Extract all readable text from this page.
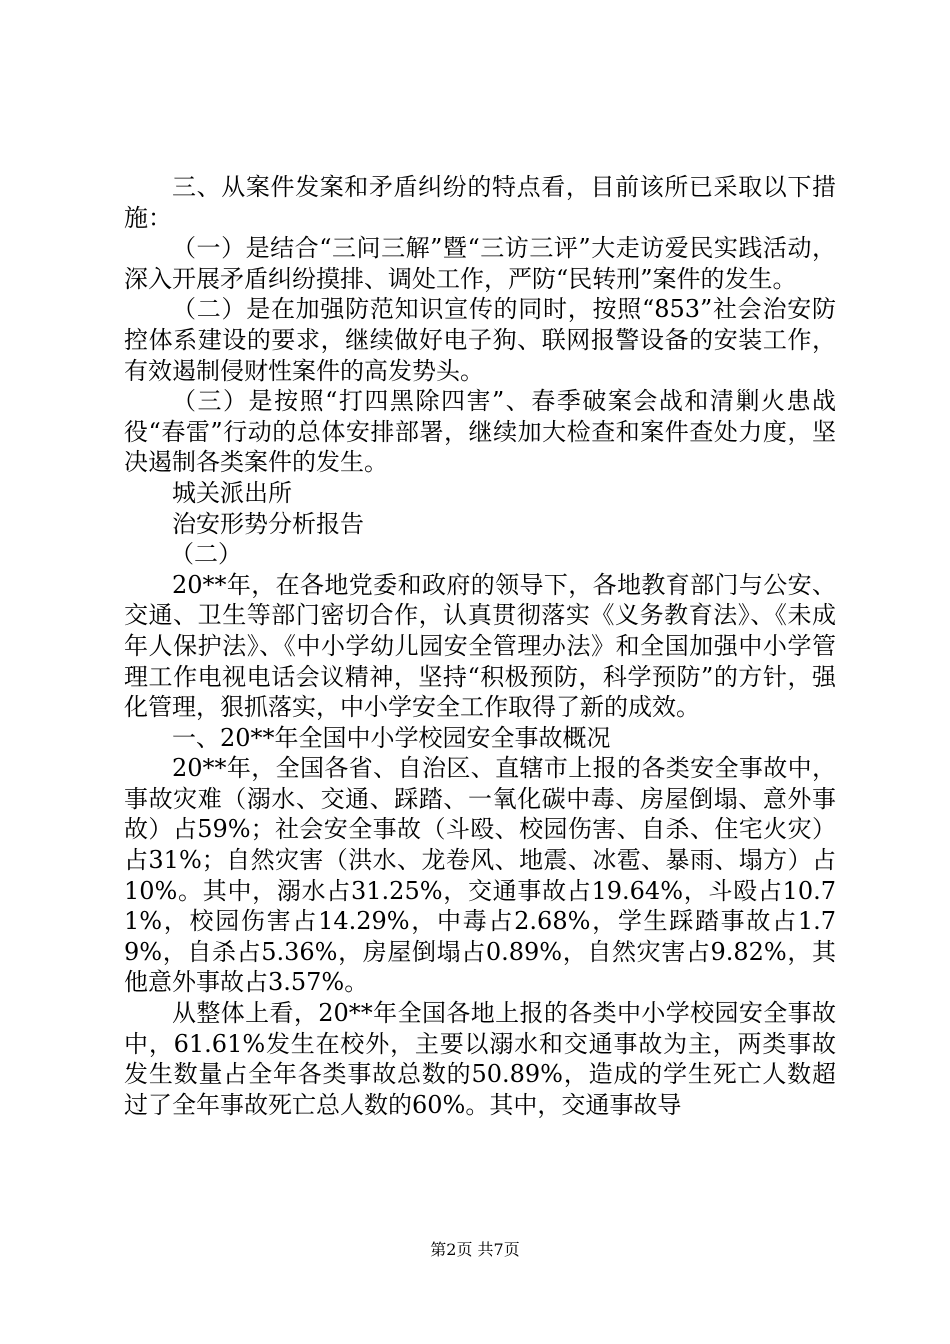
三、从案件发案和矛盾纠纷的特点看，目前该所已采取以下措施：

（一）是结合“三问三解”暨“三访三评”大走访爱民实践活动，深入开展矛盾纠纷摸排、调处工作，严防“民转刑”案件的发生。

（二）是在加强防范知识宣传的同时，按照“853”社会治安防控体系建设的要求，继续做好电子狗、联网报警设备的安装工作，有效遏制侵财性案件的高发势头。

（三）是按照“打四黑除四害”、春季破案会战和清剿火患战役“春雷”行动的总体安排部署，继续加大检查和案件查处力度，坚决遏制各类案件的发生。

城关派出所

治安形势分析报告

（二）

20**年，在各地党委和政府的领导下，各地教育部门与公安、交通、卫生等部门密切合作，认真贯彻落实《义务教育法》、《未成年人保护法》、《中小学幼儿园安全管理办法》和全国加强中小学管理工作电视电话会议精神，坚持“积极预防，科学预防”的方针，强化管理，狠抓落实，中小学安全工作取得了新的成效。

一、20**年全国中小学校园安全事故概况

20**年，全国各省、自治区、直辖市上报的各类安全事故中，事故灾难（溺水、交通、踩踏、一氧化碳中毒、房屋倒塌、意外事故）占59%；社会安全事故（斗殴、校园伤害、自杀、住宅火灾）占31%；自然灾害（洪水、龙卷风、地震、冰雹、暴雨、塌方）占10%。其中，溺水占31.25%，交通事故占19.64%，斗殴占10.71%，校园伤害占14.29%，中毒占2.68%，学生踩踏事故占1.79%，自杀占5.36%，房屋倒塌占0.89%，自然灾害占9.82%，其他意外事故占3.57%。

从整体上看，20**年全国各地上报的各类中小学校园安全事故中，61.61%发生在校外，主要以溺水和交通事故为主，两类事故发生数量占全年各类事故总数的50.89%，造成的学生死亡人数超过了全年事故死亡总人数的60%。其中，交通事故导

第2页 共7页
